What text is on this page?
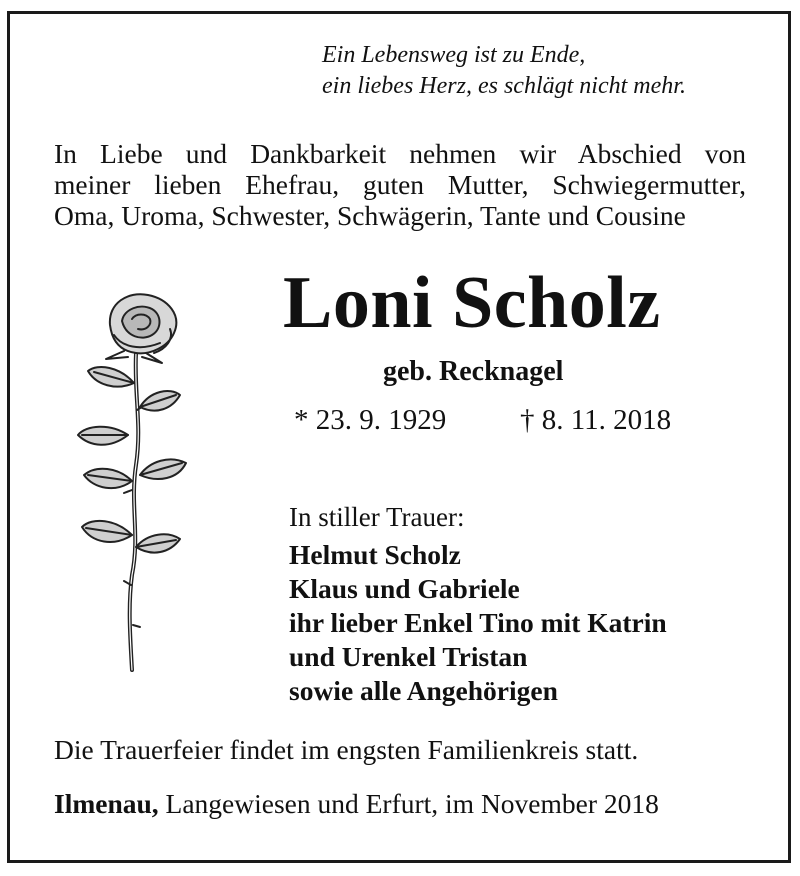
Ein Lebensweg ist zu Ende,
ein liebes Herz, es schlägt nicht mehr.
In Liebe und Dankbarkeit nehmen wir Abschied von
meiner lieben Ehefrau, guten Mutter, Schwiegermutter,
Oma, Uroma, Schwester, Schwägerin, Tante und Cousine
Loni Scholz
geb. Recknagel
* 23. 9. 1929	† 8. 11. 2018
In stiller Trauer:
Helmut Scholz
Klaus und Gabriele
ihr lieber Enkel Tino mit Katrin
und Urenkel Tristan
sowie alle Angehörigen
Die Trauerfeier findet im engsten Familienkreis statt.
Ilmenau, Langewiesen und Erfurt, im November 2018
